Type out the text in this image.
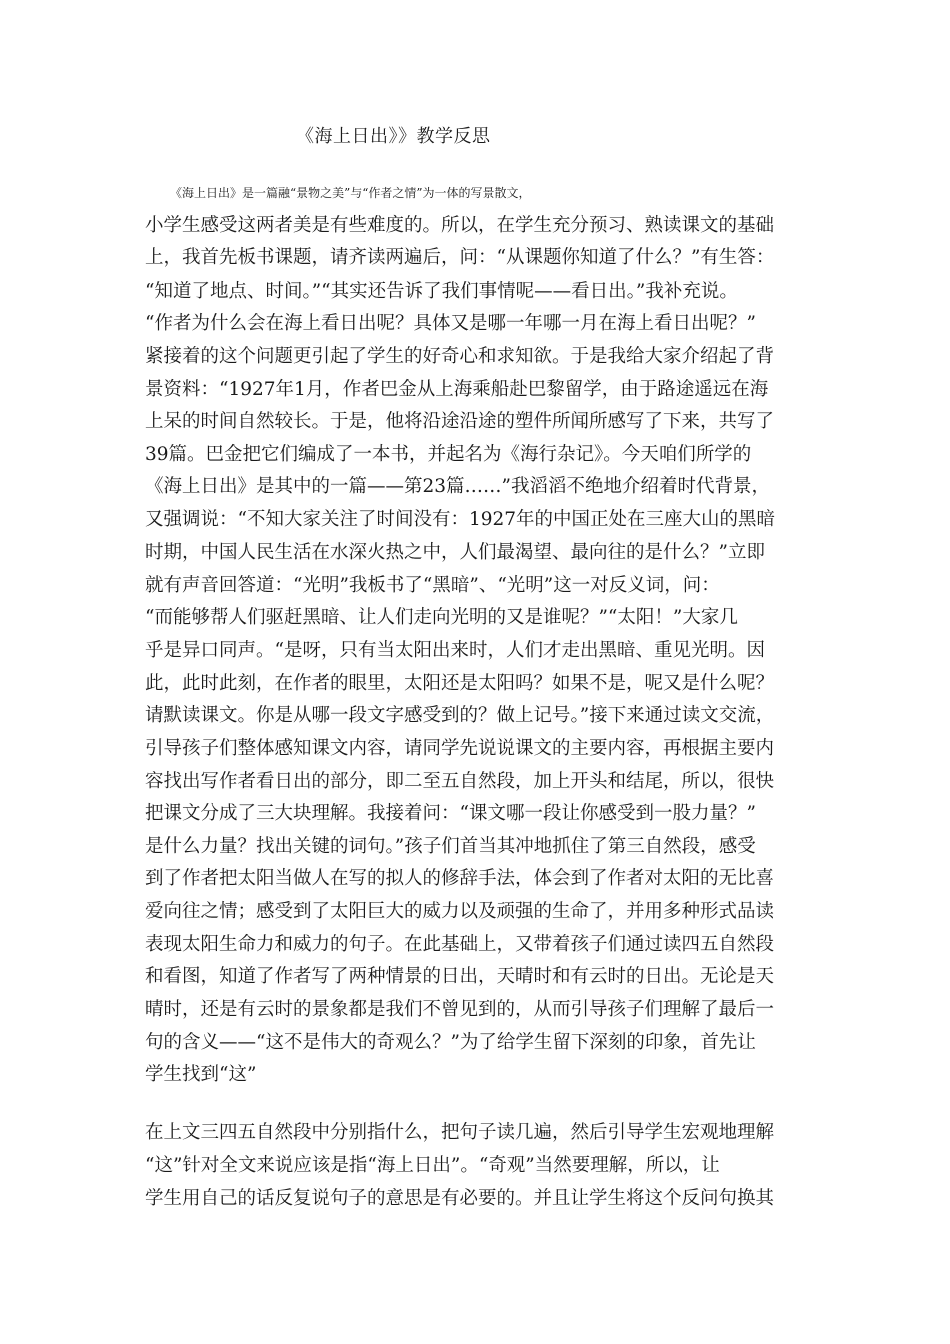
《海上日出》》教学反思
《海上日出》是一篇融“景物之美”与“作者之情”为一体的写景散文，
小学生感受这两者美是有些难度的。所以，在学生充分预习、熟读课文的基础
上，我首先板书课题，请齐读两遍后，问：“从课题你知道了什么？”有生答：
“知道了地点、时间。”“其实还告诉了我们事情呢——看日出。”我补充说。
“作者为什么会在海上看日出呢？具体又是哪一年哪一月在海上看日出呢？”
紧接着的这个问题更引起了学生的好奇心和求知欲。于是我给大家介绍起了背
景资料：“1927年1月，作者巴金从上海乘船赴巴黎留学，由于路途遥远在海
上呆的时间自然较长。于是，他将沿途沿途的塑件所闻所感写了下来，共写了
39篇。巴金把它们编成了一本书，并起名为《海行杂记》。今天咱们所学的
《海上日出》是其中的一篇——第23篇……”我滔滔不绝地介绍着时代背景，
又强调说：“不知大家关注了时间没有：1927年的中国正处在三座大山的黑暗
时期，中国人民生活在水深火热之中，人们最渴望、最向往的是什么？”立即
就有声音回答道：“光明”我板书了“黑暗”、“光明”这一对反义词，问：
“而能够帮人们驱赶黑暗、让人们走向光明的又是谁呢？”“太阳！”大家几
乎是异口同声。“是呀，只有当太阳出来时，人们才走出黑暗、重见光明。因
此，此时此刻，在作者的眼里，太阳还是太阳吗？如果不是，呢又是什么呢？
请默读课文。你是从哪一段文字感受到的？做上记号。”接下来通过读文交流，
引导孩子们整体感知课文内容，请同学先说说课文的主要内容，再根据主要内
容找出写作者看日出的部分，即二至五自然段，加上开头和结尾，所以，很快
把课文分成了三大块理解。我接着问：“课文哪一段让你感受到一股力量？”
是什么力量？找出关键的词句。”孩子们首当其冲地抓住了第三自然段，感受
到了作者把太阳当做人在写的拟人的修辞手法，体会到了作者对太阳的无比喜
爱向往之情；感受到了太阳巨大的威力以及顽强的生命了，并用多种形式品读
表现太阳生命力和威力的句子。在此基础上，又带着孩子们通过读四五自然段
和看图，知道了作者写了两种情景的日出，天晴时和有云时的日出。无论是天
晴时，还是有云时的景象都是我们不曾见到的，从而引导孩子们理解了最后一
句的含义——“这不是伟大的奇观么？”为了给学生留下深刻的印象，首先让
学生找到“这”
在上文三四五自然段中分别指什么，把句子读几遍，然后引导学生宏观地理解
“这”针对全文来说应该是指“海上日出”。“奇观”当然要理解，所以，让
学生用自己的话反复说句子的意思是有必要的。并且让学生将这个反问句换其
